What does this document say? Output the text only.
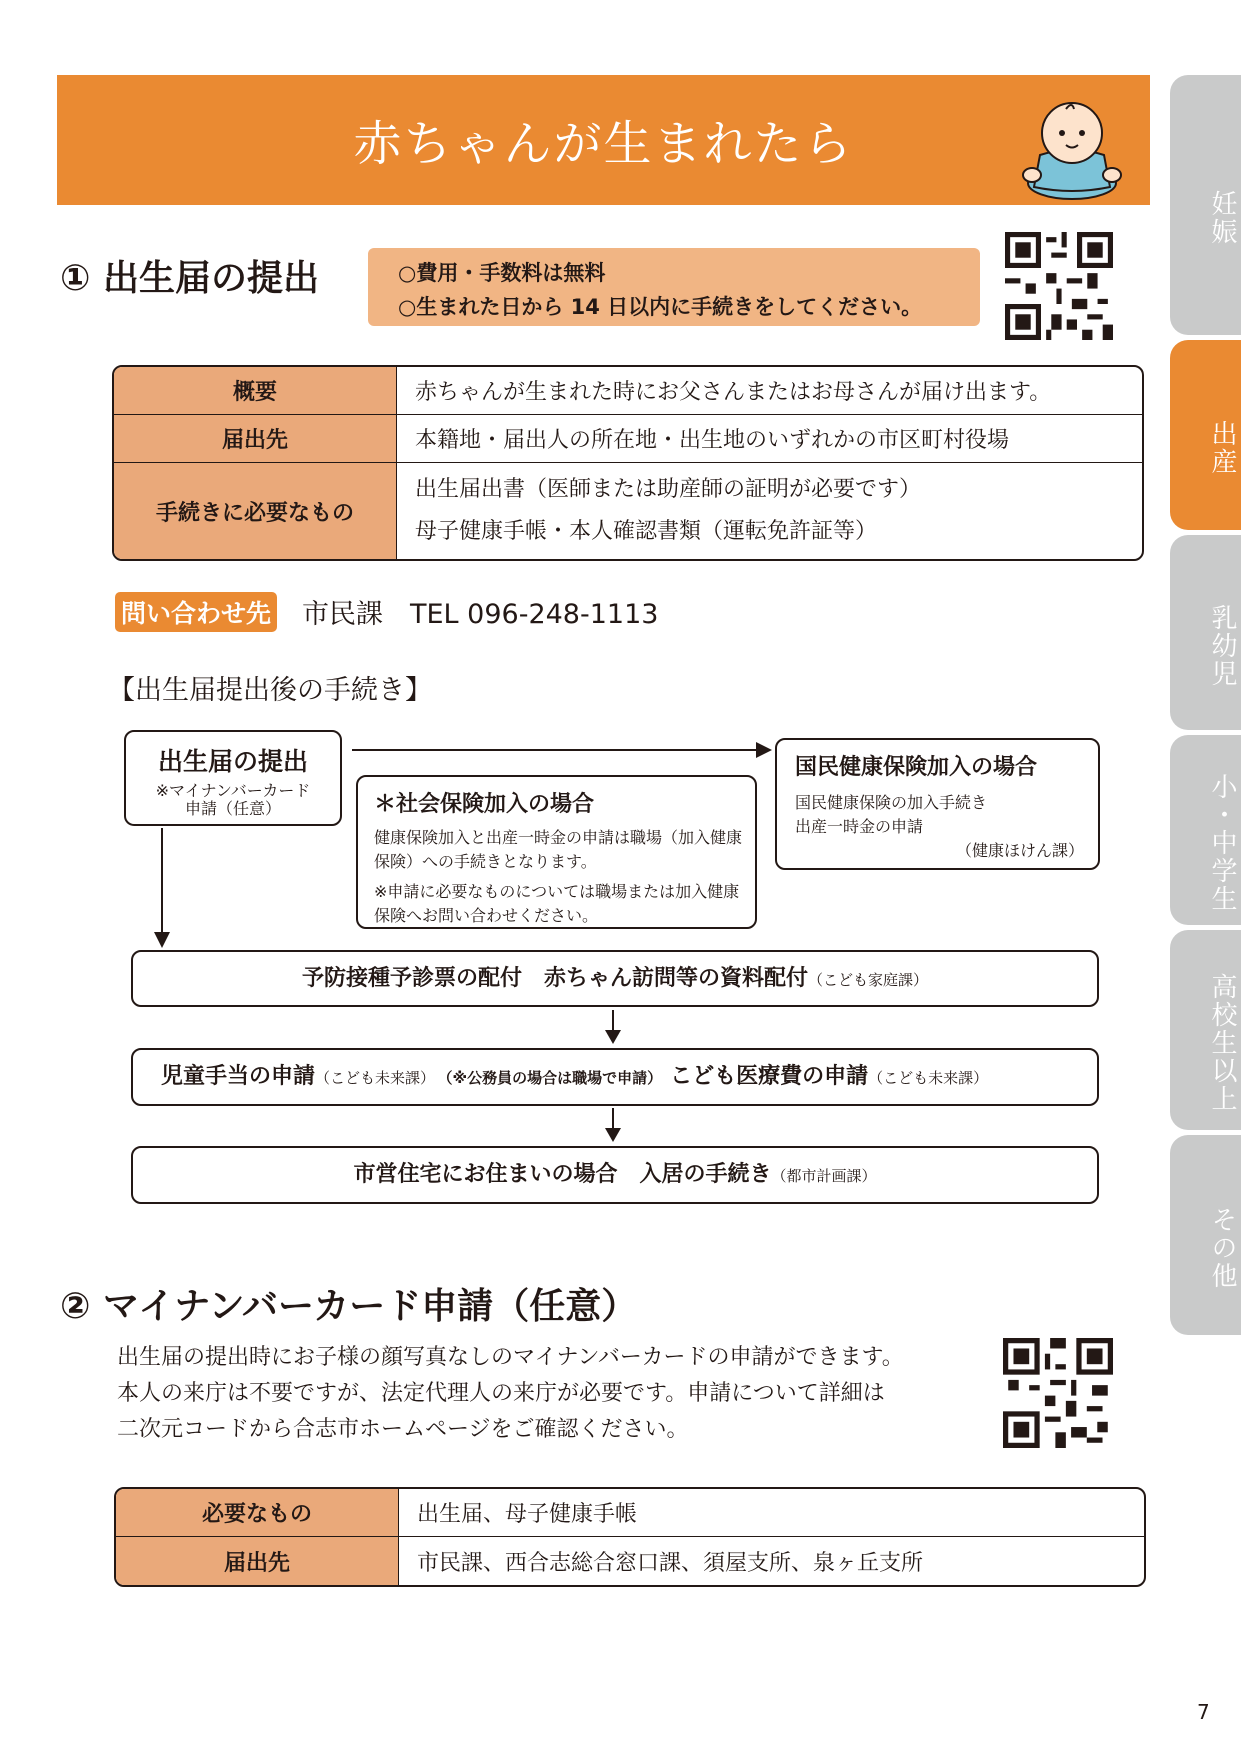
赤ちゃんが生まれたら
妊娠
出産
乳幼児
小・中学生
高校生以上
その他
① 出生届の提出	○費用・手数料は無料
○生まれた日から 14 日以内に手続きをしてください。
概要	赤ちゃんが生まれた時にお父さんまたはお母さんが届け出ます。
届出先	本籍地・届出人の所在地・出生地のいずれかの市区町村役場
手続きに必要なもの	出生届出書（医師または助産師の証明が必要です）
母子健康手帳・本人確認書類（運転免許証等）
問い合わせ先 市民課　TEL 096-248-1113
【出生届提出後の手続き】
出生届の提出
※マイナンバーカード
申請（任意）	＊社会保険加入の場合
健康保険加入と出産一時金の申請は職場（加入健康保険）への手続きとなります。
※申請に必要なものについては職場または加入健康保険へお問い合わせください。
国民健康保険加入の場合
国民健康保険の加入手続き
出産一時金の申請
（健康ほけん課）
予防接種予診票の配付　赤ちゃん訪問等の資料配付（こども家庭課）
児童手当の申請（こども未来課） （※公務員の場合は職場で申請） こども医療費の申請（こども未来課）
市営住宅にお住まいの場合　入居の手続き（都市計画課）
② マイナンバーカード申請（任意）
出生届の提出時にお子様の顔写真なしのマイナンバーカードの申請ができます。
本人の来庁は不要ですが、法定代理人の来庁が必要です。申請について詳細は
二次元コードから合志市ホームページをご確認ください。
必要なもの	出生届、母子健康手帳
届出先	市民課、西合志総合窓口課、須屋支所、泉ヶ丘支所
7
